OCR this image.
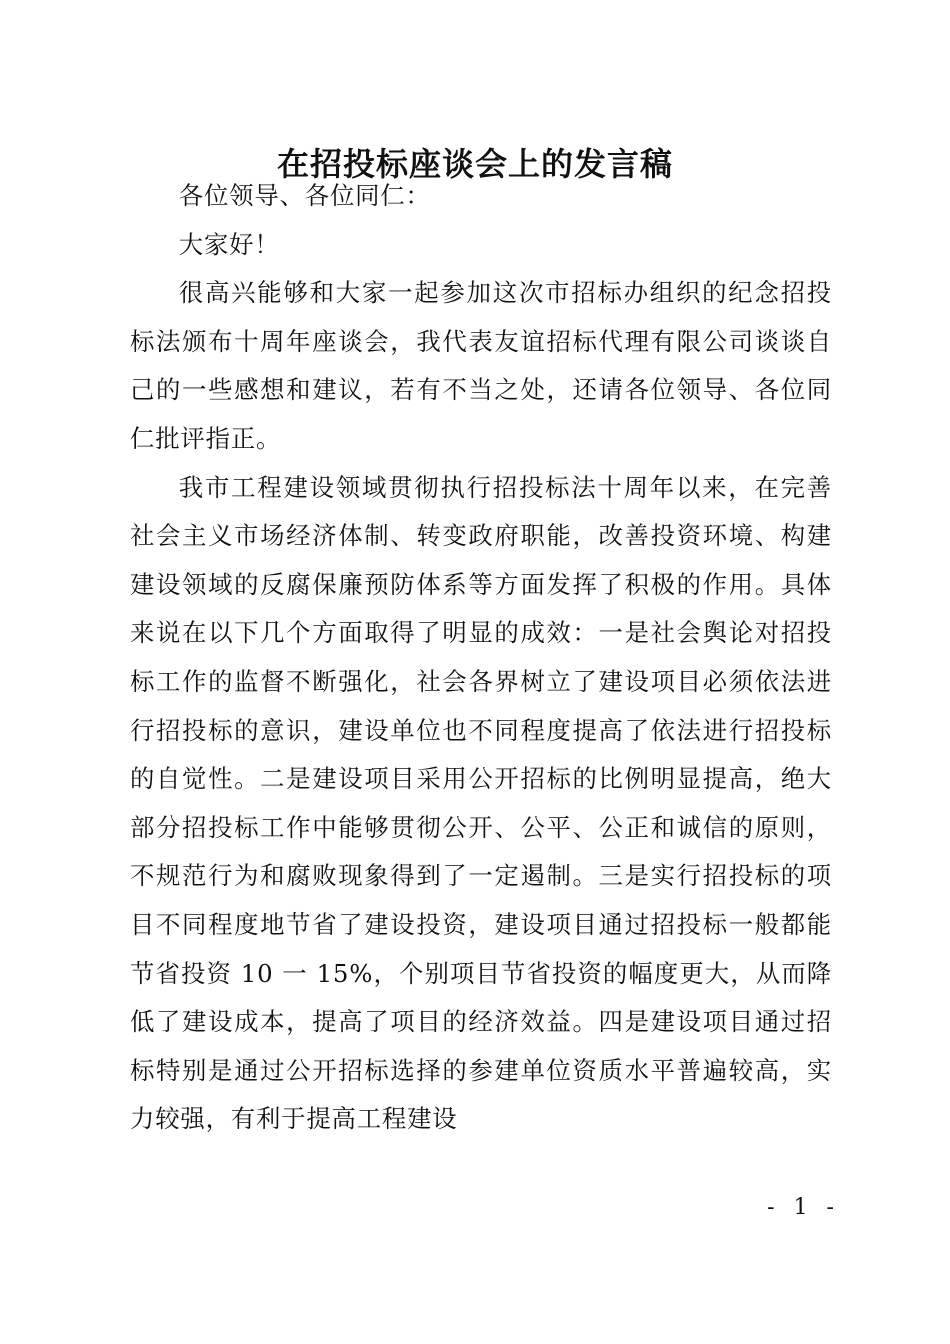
在招投标座谈会上的发言稿

各位领导、各位同仁：

大家好！

很高兴能够和大家一起参加这次市招标办组织的纪念招投标法颁布十周年座谈会，我代表友谊招标代理有限公司谈谈自己的一些感想和建议，若有不当之处，还请各位领导、各位同仁批评指正。

我市工程建设领域贯彻执行招投标法十周年以来，在完善社会主义市场经济体制、转变政府职能，改善投资环境、构建建设领域的反腐保廉预防体系等方面发挥了积极的作用。具体来说在以下几个方面取得了明显的成效：一是社会舆论对招投标工作的监督不断强化，社会各界树立了建设项目必须依法进行招投标的意识，建设单位也不同程度提高了依法进行招投标的自觉性。二是建设项目采用公开招标的比例明显提高，绝大部分招投标工作中能够贯彻公开、公平、公正和诚信的原则，不规范行为和腐败现象得到了一定遏制。三是实行招投标的项目不同程度地节省了建设投资，建设项目通过招投标一般都能节省投资 10 一 15%，个别项目节省投资的幅度更大，从而降低了建设成本，提高了项目的经济效益。四是建设项目通过招标特别是通过公开招标选择的参建单位资质水平普遍较高，实力较强，有利于提高工程建设

- 1 -
